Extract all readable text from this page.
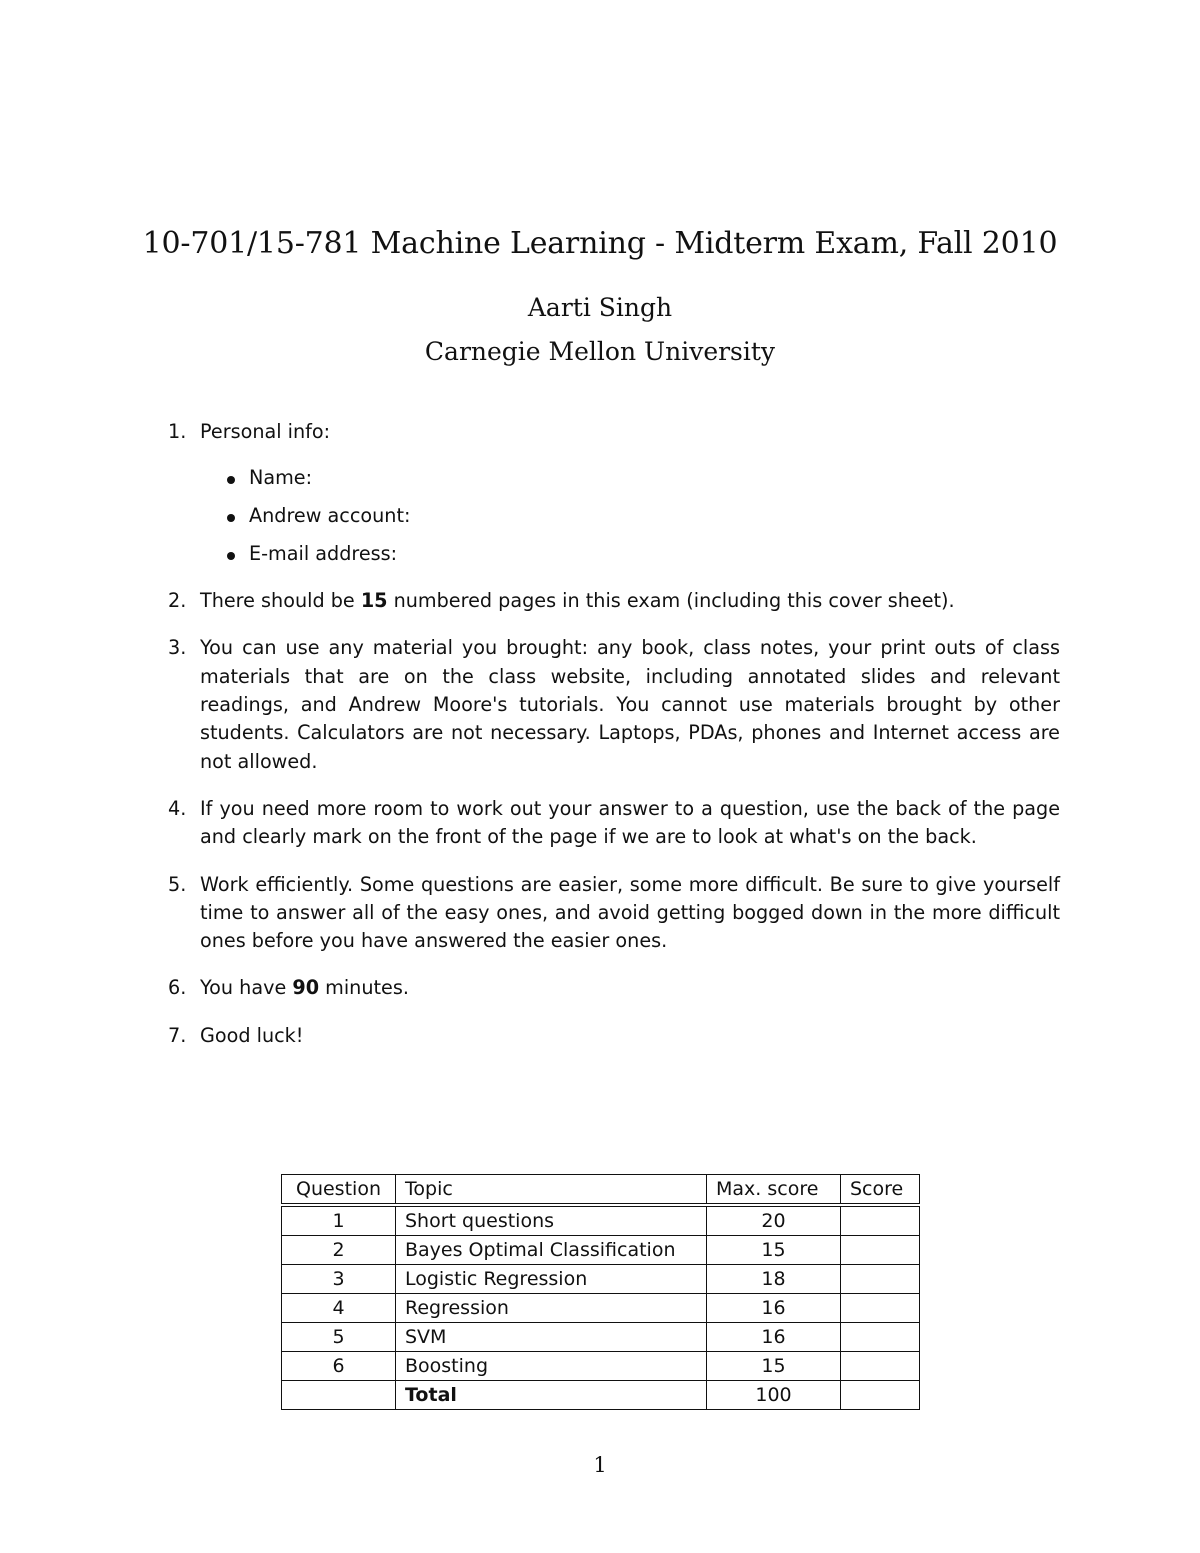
10-701/15-781 Machine Learning - Midterm Exam, Fall 2010
Aarti Singh
Carnegie Mellon University
1. Personal info:
Name:
Andrew account:
E-mail address:
2. There should be 15 numbered pages in this exam (including this cover sheet).
3. You can use any material you brought: any book, class notes, your print outs of class materials that are on the class website, including annotated slides and relevant readings, and Andrew Moore's tutorials. You cannot use materials brought by other students. Calculators are not necessary. Laptops, PDAs, phones and Internet access are not allowed.
4. If you need more room to work out your answer to a question, use the back of the page and clearly mark on the front of the page if we are to look at what's on the back.
5. Work efficiently. Some questions are easier, some more difficult. Be sure to give yourself time to answer all of the easy ones, and avoid getting bogged down in the more difficult ones before you have answered the easier ones.
6. You have 90 minutes.
7. Good luck!
Question	Topic	Max. score	Score
1	Short questions	20	
2	Bayes Optimal Classification	15	
3	Logistic Regression	18	
4	Regression	16	
5	SVM	16	
6	Boosting	15	
	Total	100	
1
